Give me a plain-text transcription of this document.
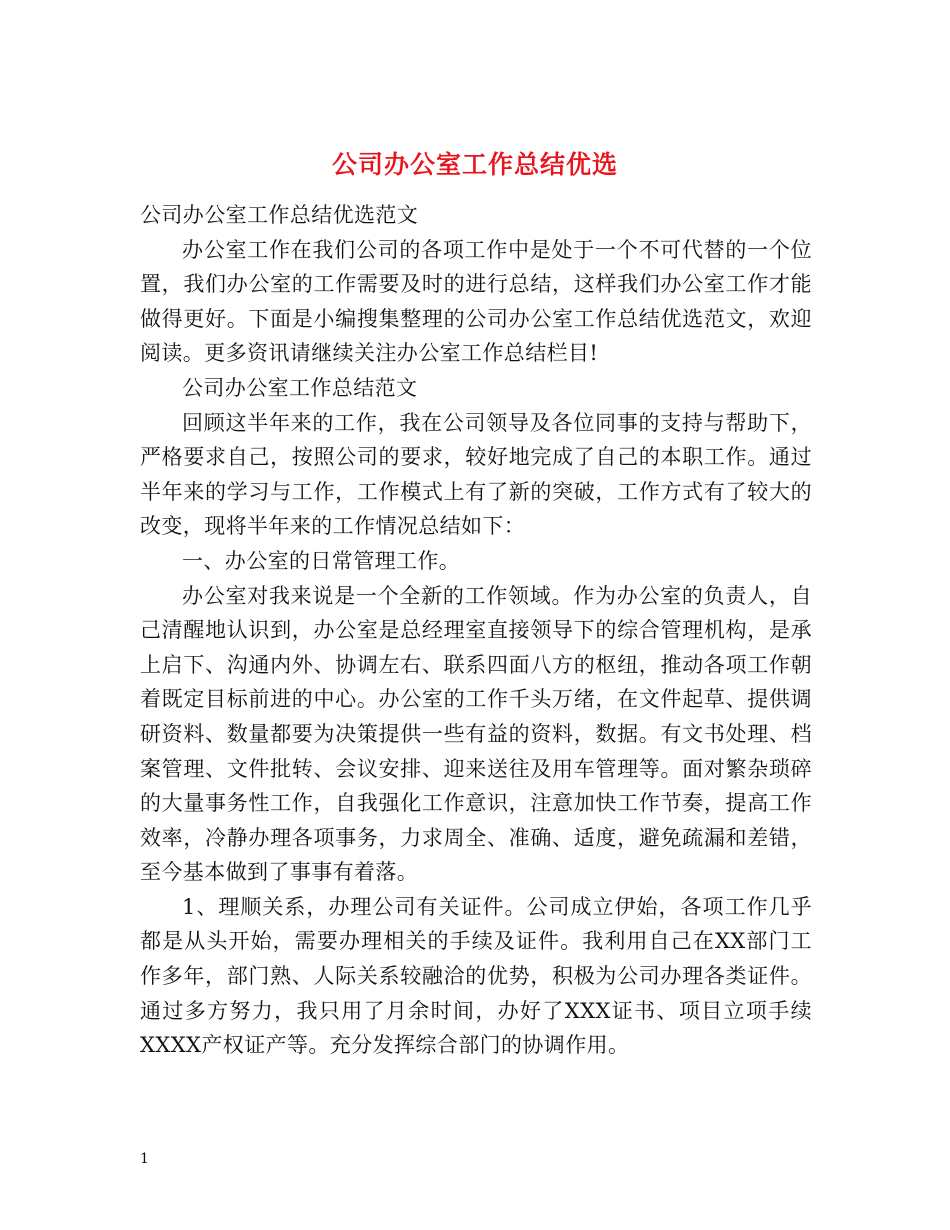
公司办公室工作总结优选

公司办公室工作总结优选范文

办公室工作在我们公司的各项工作中是处于一个不可代替的一个位置，我们办公室的工作需要及时的进行总结，这样我们办公室工作才能做得更好。下面是小编搜集整理的公司办公室工作总结优选范文，欢迎阅读。更多资讯请继续关注办公室工作总结栏目!

公司办公室工作总结范文

回顾这半年来的工作，我在公司领导及各位同事的支持与帮助下，严格要求自己，按照公司的要求，较好地完成了自己的本职工作。通过半年来的学习与工作，工作模式上有了新的突破，工作方式有了较大的改变，现将半年来的工作情况总结如下：

一、办公室的日常管理工作。

办公室对我来说是一个全新的工作领域。作为办公室的负责人，自己清醒地认识到，办公室是总经理室直接领导下的综合管理机构，是承上启下、沟通内外、协调左右、联系四面八方的枢纽，推动各项工作朝着既定目标前进的中心。办公室的工作千头万绪，在文件起草、提供调研资料、数量都要为决策提供一些有益的资料，数据。有文书处理、档案管理、文件批转、会议安排、迎来送往及用车管理等。面对繁杂琐碎的大量事务性工作，自我强化工作意识，注意加快工作节奏，提高工作效率，冷静办理各项事务，力求周全、准确、适度，避免疏漏和差错，至今基本做到了事事有着落。

1、理顺关系，办理公司有关证件。公司成立伊始，各项工作几乎都是从头开始，需要办理相关的手续及证件。我利用自己在XX部门工作多年，部门熟、人际关系较融洽的优势，积极为公司办理各类证件。通过多方努力，我只用了月余时间，办好了XXX证书、项目立项手续XXXX产权证产等。充分发挥综合部门的协调作用。

1
